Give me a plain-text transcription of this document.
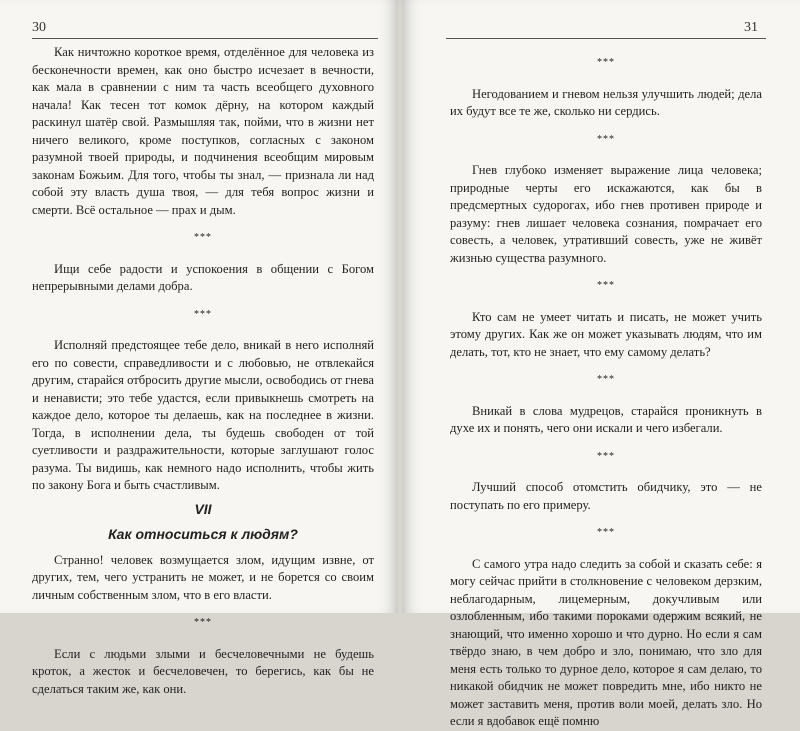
30
Как ничтожно короткое время, отделённое для человека из бесконечности времен, как оно быстро исчезает в вечности, как мала в сравнении с ним та часть всеобщего духовного начала! Как тесен тот комок дёрну, на котором каждый раскинул шатёр свой. Размышляя так, пойми, что в жизни нет ничего великого, кроме поступков, согласных с законом разумной твоей природы, и подчинения всеобщим мировым законам Божьим. Для того, чтобы ты знал, — признала ли над собой эту власть душа твоя, — для тебя вопрос жизни и смерти. Всё остальное — прах и дым.
***
Ищи себе радости и успокоения в общении с Богом непрерывными делами добра.
***
Исполняй предстоящее тебе дело, вникай в него исполняй его по совести, справедливости и с любовью, не отвлекайся другим, старайся отбросить другие мысли, освободись от гнева и ненависти; это тебе удастся, если привыкнешь смотреть на каждое дело, которое ты делаешь, как на последнее в жизни. Тогда, в исполнении дела, ты будешь свободен от той суетливости и раздражительности, которые заглушают голос разума. Ты видишь, как немного надо исполнить, чтобы жить по закону Бога и быть счастливым.
VII
Как относиться к людям?
Странно! человек возмущается злом, идущим извне, от других, тем, чего устранить не может, и не борется со своим личным собственным злом, что в его власти.
***
Если с людьми злыми и бесчеловечными не будешь кроток, а жесток и бесчеловечен, то берегись, как бы не сделаться таким же, как они.
31
***
Негодованием и гневом нельзя улучшить людей; дела их будут все те же, сколько ни сердись.
***
Гнев глубоко изменяет выражение лица человека; природные черты его искажаются, как бы в предсмертных судорогах, ибо гнев противен природе и разуму: гнев лишает человека сознания, помрачает его совесть, а человек, утративший совесть, уже не живёт жизнью существа разумного.
***
Кто сам не умеет читать и писать, не может учить этому других. Как же он может указывать людям, что им делать, тот, кто не знает, что ему самому делать?
***
Вникай в слова мудрецов, старайся проникнуть в духе их и понять, чего они искали и чего избегали.
***
Лучший способ отомстить обидчику, это — не поступать по его примеру.
***
С самого утра надо следить за собой и сказать себе: я могу сейчас прийти в столкновение с человеком дерзким, неблагодарным, лицемерным, докучливым или озлобленным, ибо такими пороками одержим всякий, не знающий, что именно хорошо и что дурно. Но если я сам твёрдо знаю, в чем добро и зло, понимаю, что зло для меня есть только то дурное дело, которое я сам делаю, то никакой обидчик не может повредить мне, ибо никто не может заставить меня, против воли моей, делать зло. Но если я вдобавок ещё помню
